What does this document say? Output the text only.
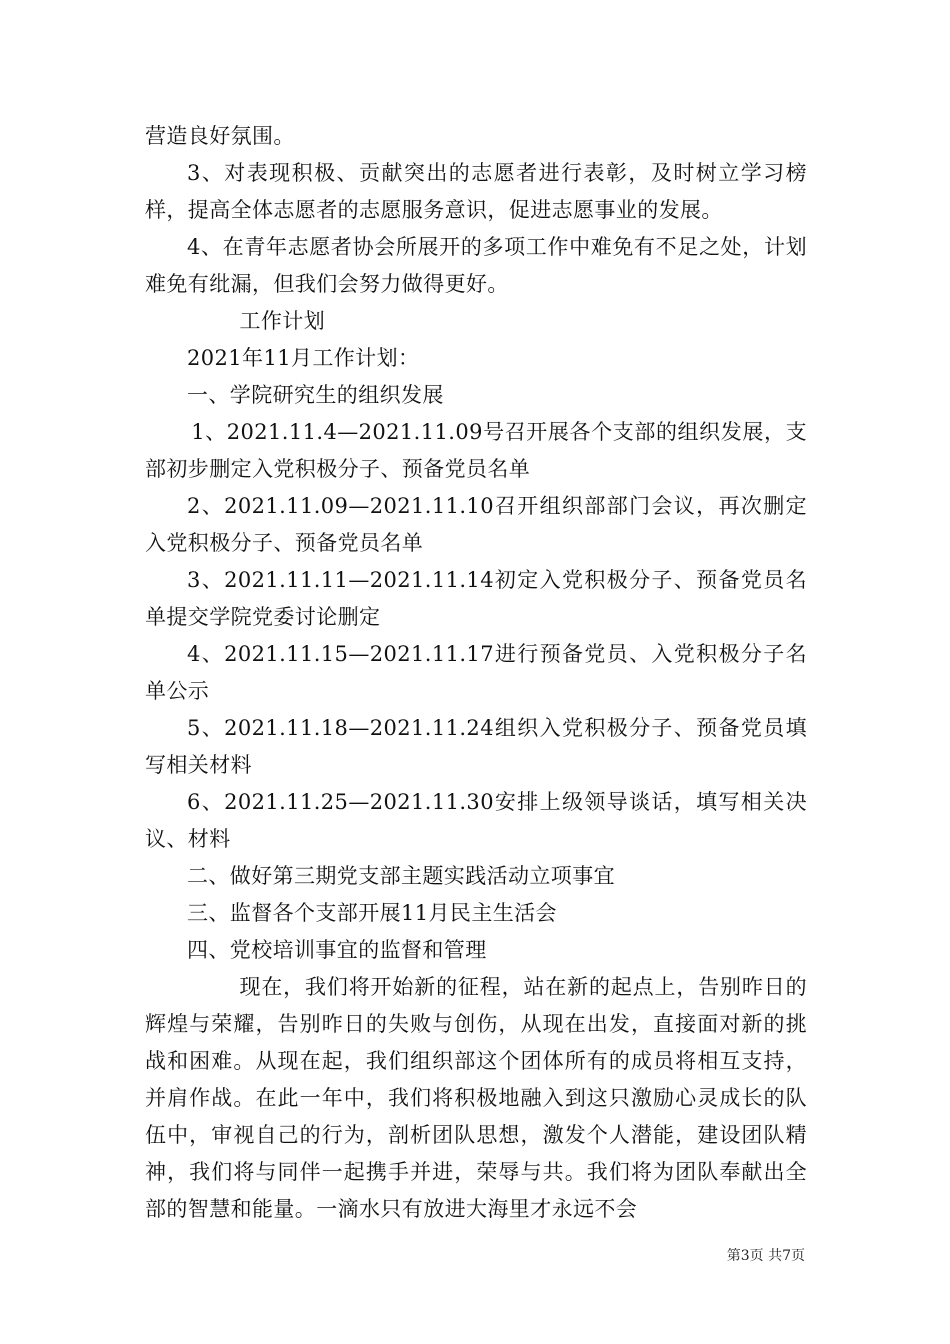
营造良好氛围。

3、对表现积极、贡献突出的志愿者进行表彰，及时树立学习榜样，提高全体志愿者的志愿服务意识，促进志愿事业的发展。

4、在青年志愿者协会所展开的多项工作中难免有不足之处，计划难免有纰漏，但我们会努力做得更好。

工作计划

2021年11月工作计划：

一、学院研究生的组织发展

1、2021.11.4—2021.11.09号召开展各个支部的组织发展，支部初步删定入党积极分子、预备党员名单

2、2021.11.09—2021.11.10召开组织部部门会议，再次删定入党积极分子、预备党员名单

3、2021.11.11—2021.11.14初定入党积极分子、预备党员名单提交学院党委讨论删定

4、2021.11.15—2021.11.17进行预备党员、入党积极分子名单公示

5、2021.11.18—2021.11.24组织入党积极分子、预备党员填写相关材料

6、2021.11.25—2021.11.30安排上级领导谈话，填写相关决议、材料

二、做好第三期党支部主题实践活动立项事宜

三、监督各个支部开展11月民主生活会

四、党校培训事宜的监督和管理

现在，我们将开始新的征程，站在新的起点上，告别昨日的辉煌与荣耀，告别昨日的失败与创伤，从现在出发，直接面对新的挑战和困难。从现在起，我们组织部这个团体所有的成员将相互支持，并肩作战。在此一年中，我们将积极地融入到这只激励心灵成长的队伍中，审视自己的行为，剖析团队思想，激发个人潜能，建设团队精神，我们将与同伴一起携手并进，荣辱与共。我们将为团队奉献出全部的智慧和能量。一滴水只有放进大海里才永远不会

第3页 共7页
